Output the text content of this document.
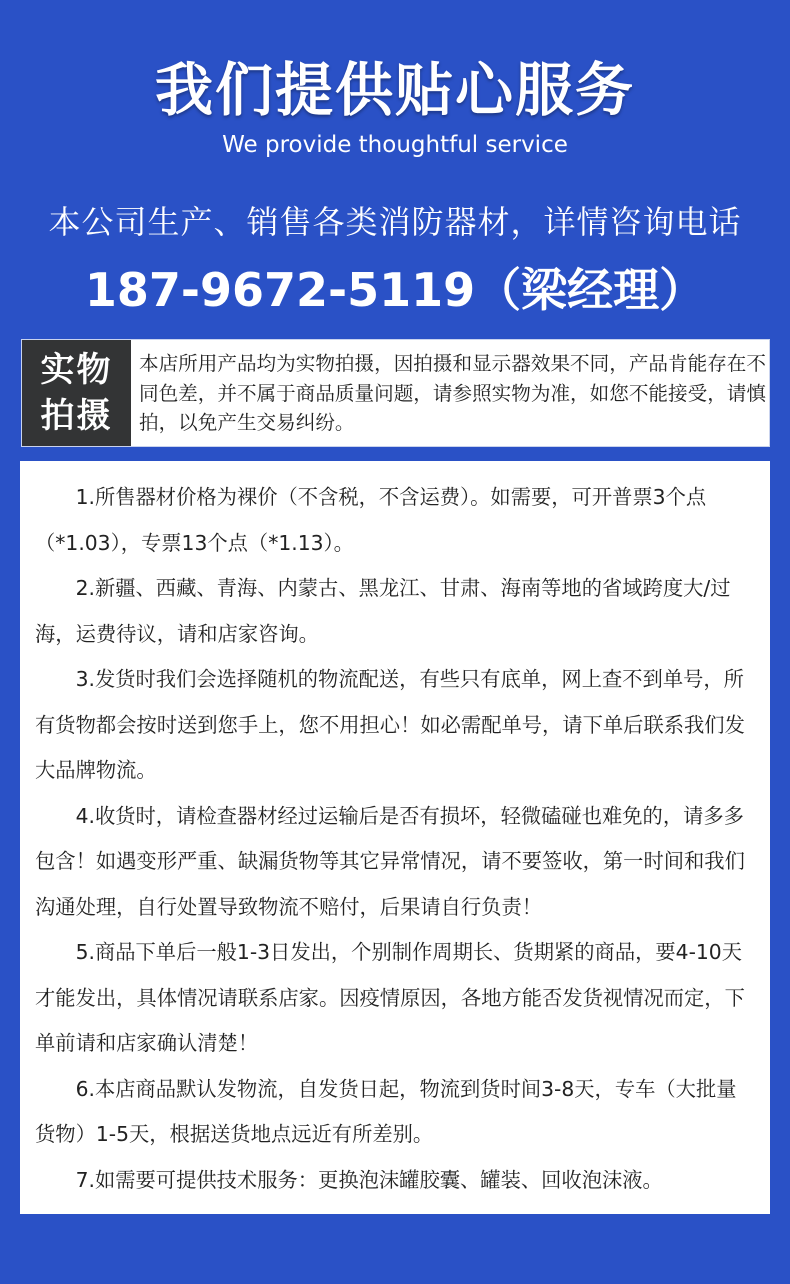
我们提供贴心服务
We provide thoughtful service
本公司生产、销售各类消防器材，详情咨询电话
187-9672-5119（梁经理）
实物
拍摄
本店所用产品均为实物拍摄，因拍摄和显示器效果不同，产品肯能存在不同色差，并不属于商品质量问题，请参照实物为准，如您不能接受，请慎拍，以免产生交易纠纷。

1.所售器材价格为裸价（不含税，不含运费）。如需要，可开普票3个点（*1.03），专票13个点（*1.13）。

2.新疆、西藏、青海、内蒙古、黑龙江、甘肃、海南等地的省域跨度大/过海，运费待议，请和店家咨询。

3.发货时我们会选择随机的物流配送，有些只有底单，网上查不到单号，所有货物都会按时送到您手上，您不用担心！如必需配单号，请下单后联系我们发大品牌物流。

4.收货时，请检查器材经过运输后是否有损坏，轻微磕碰也难免的，请多多包含！如遇变形严重、缺漏货物等其它异常情况，请不要签收，第一时间和我们沟通处理，自行处置导致物流不赔付，后果请自行负责！

5.商品下单后一般1-3日发出，个别制作周期长、货期紧的商品，要4-10天才能发出，具体情况请联系店家。因疫情原因，各地方能否发货视情况而定，下单前请和店家确认清楚！

6.本店商品默认发物流，自发货日起，物流到货时间3-8天，专车（大批量货物）1-5天，根据送货地点远近有所差别。

7.如需要可提供技术服务：更换泡沫罐胶囊、罐装、回收泡沫液。
